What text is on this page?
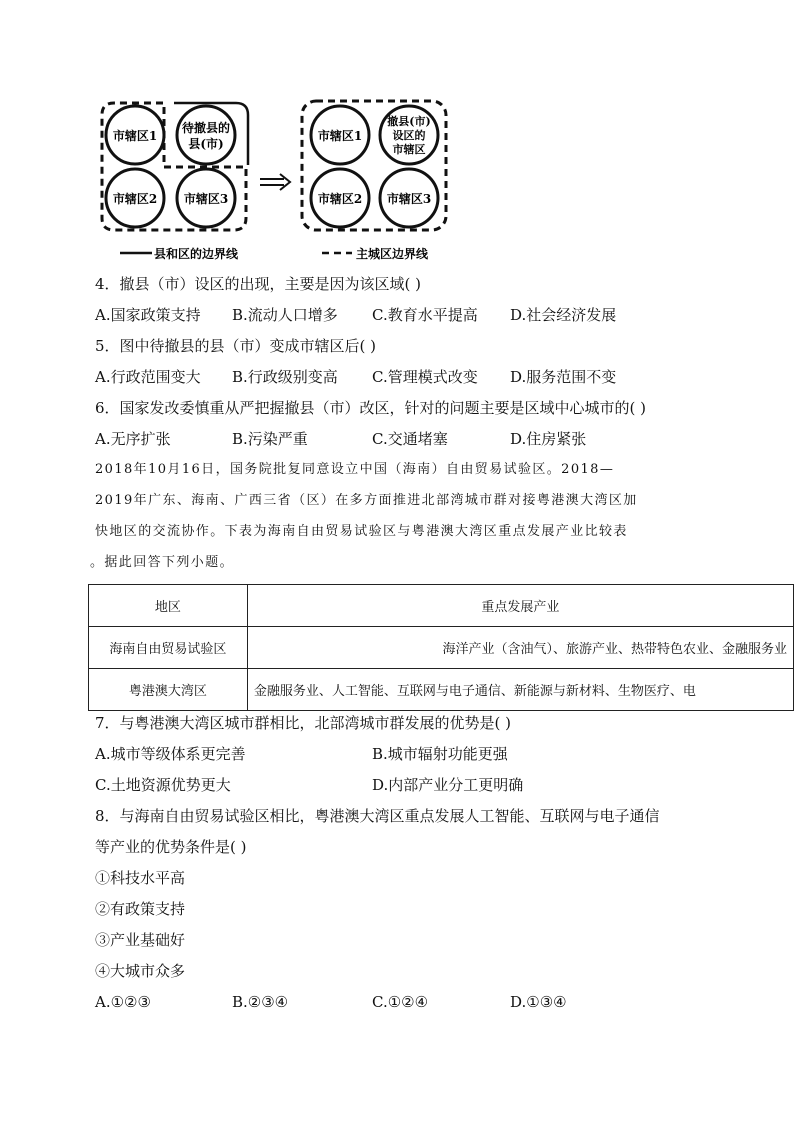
市辖区1
待撤县的
县(市)
市辖区2 市辖区3
市辖区1
撤县(市)
设区的
市辖区
市辖区2 市辖区3
县和区的边界线	主城区边界线
4．撤县（市）设区的出现，主要是因为该区域( )
A.国家政策支持 B.流动人口增多 C.教育水平提高 D.社会经济发展
5．图中待撤县的县（市）变成市辖区后( )
A.行政范围变大 B.行政级别变高 C.管理模式改变 D.服务范围不变
6．国家发改委慎重从严把握撤县（市）改区，针对的问题主要是区域中心城市的( )
A.无序扩张	B.污染严重	C.交通堵塞	D.住房紧张
2018年10月16日，国务院批复同意设立中国（海南）自由贸易试验区。2018—
2019年广东、海南、广西三省（区）在多方面推进北部湾城市群对接粤港澳大湾区加
快地区的交流协作。下表为海南自由贸易试验区与粤港澳大湾区重点发展产业比较表
。据此回答下列小题。
地区	重点发展产业
海南自由贸易试验区	海洋产业（含油气）、旅游产业、热带特色农业、金融服务业
粤港澳大湾区	金融服务业、人工智能、互联网与电子通信、新能源与新材料、生物医疗、电
7．与粤港澳大湾区城市群相比，北部湾城市群发展的优势是( )
A.城市等级体系更完善	B.城市辐射功能更强
C.土地资源优势更大	D.内部产业分工更明确
8．与海南自由贸易试验区相比，粤港澳大湾区重点发展人工智能、互联网与电子通信
等产业的优势条件是( )
①科技水平高
②有政策支持
③产业基础好
④大城市众多
A.①②③	B.②③④	C.①②④	D.①③④
